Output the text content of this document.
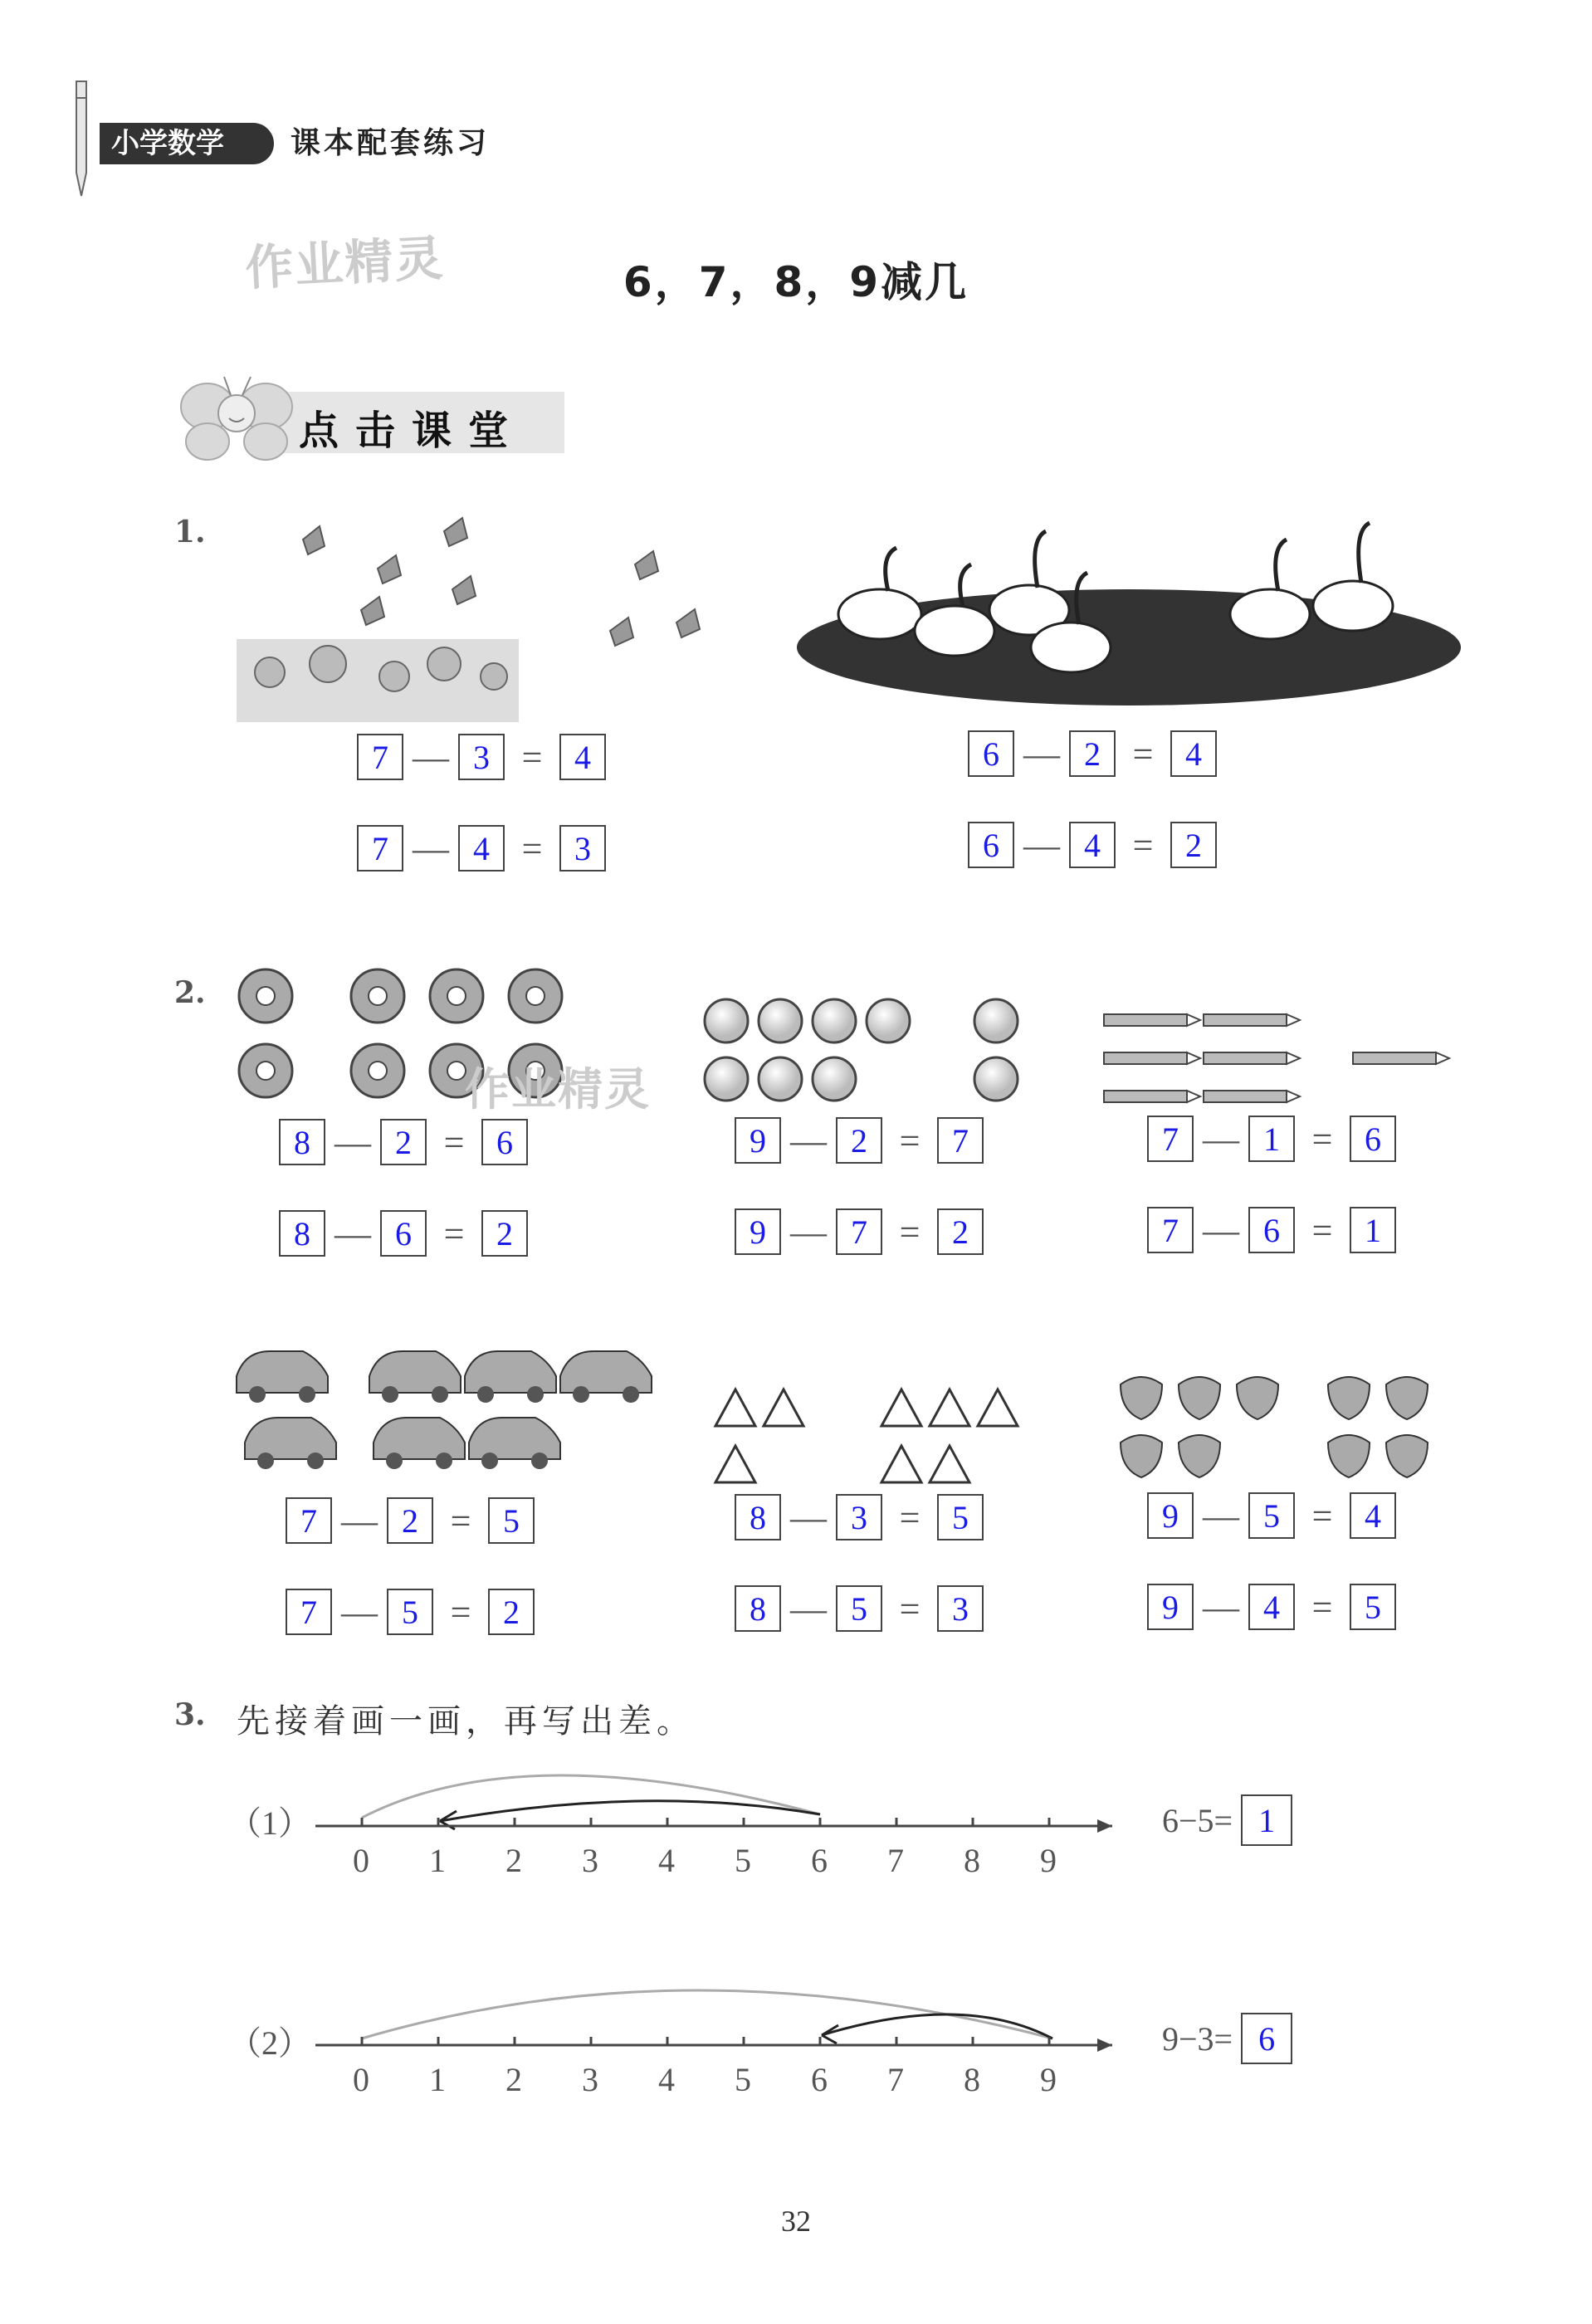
小学数学	课本配套练习
作业精灵	6，7，8，9减几
点击课堂
1.
7 — 3 = 4
7 — 4 = 3
6 — 2 = 4
6 — 4 = 2
2.
作业精灵
8 — 2 = 6
8 — 6 = 2
9 — 2 = 7
9 — 7 = 2
7 — 1 = 6
7 — 6 = 1
7 — 2 = 5
7 — 5 = 2
8 — 3 = 5
8 — 5 = 3
9 — 5 = 4
9 — 4 = 5
3. 先接着画一画，再写出差。
（1）
0 1 2 3 4 5 6 7 8 9
6−5= 1
（2）
0 1 2 3 4 5 6 7 8 9
9−3= 6
32
